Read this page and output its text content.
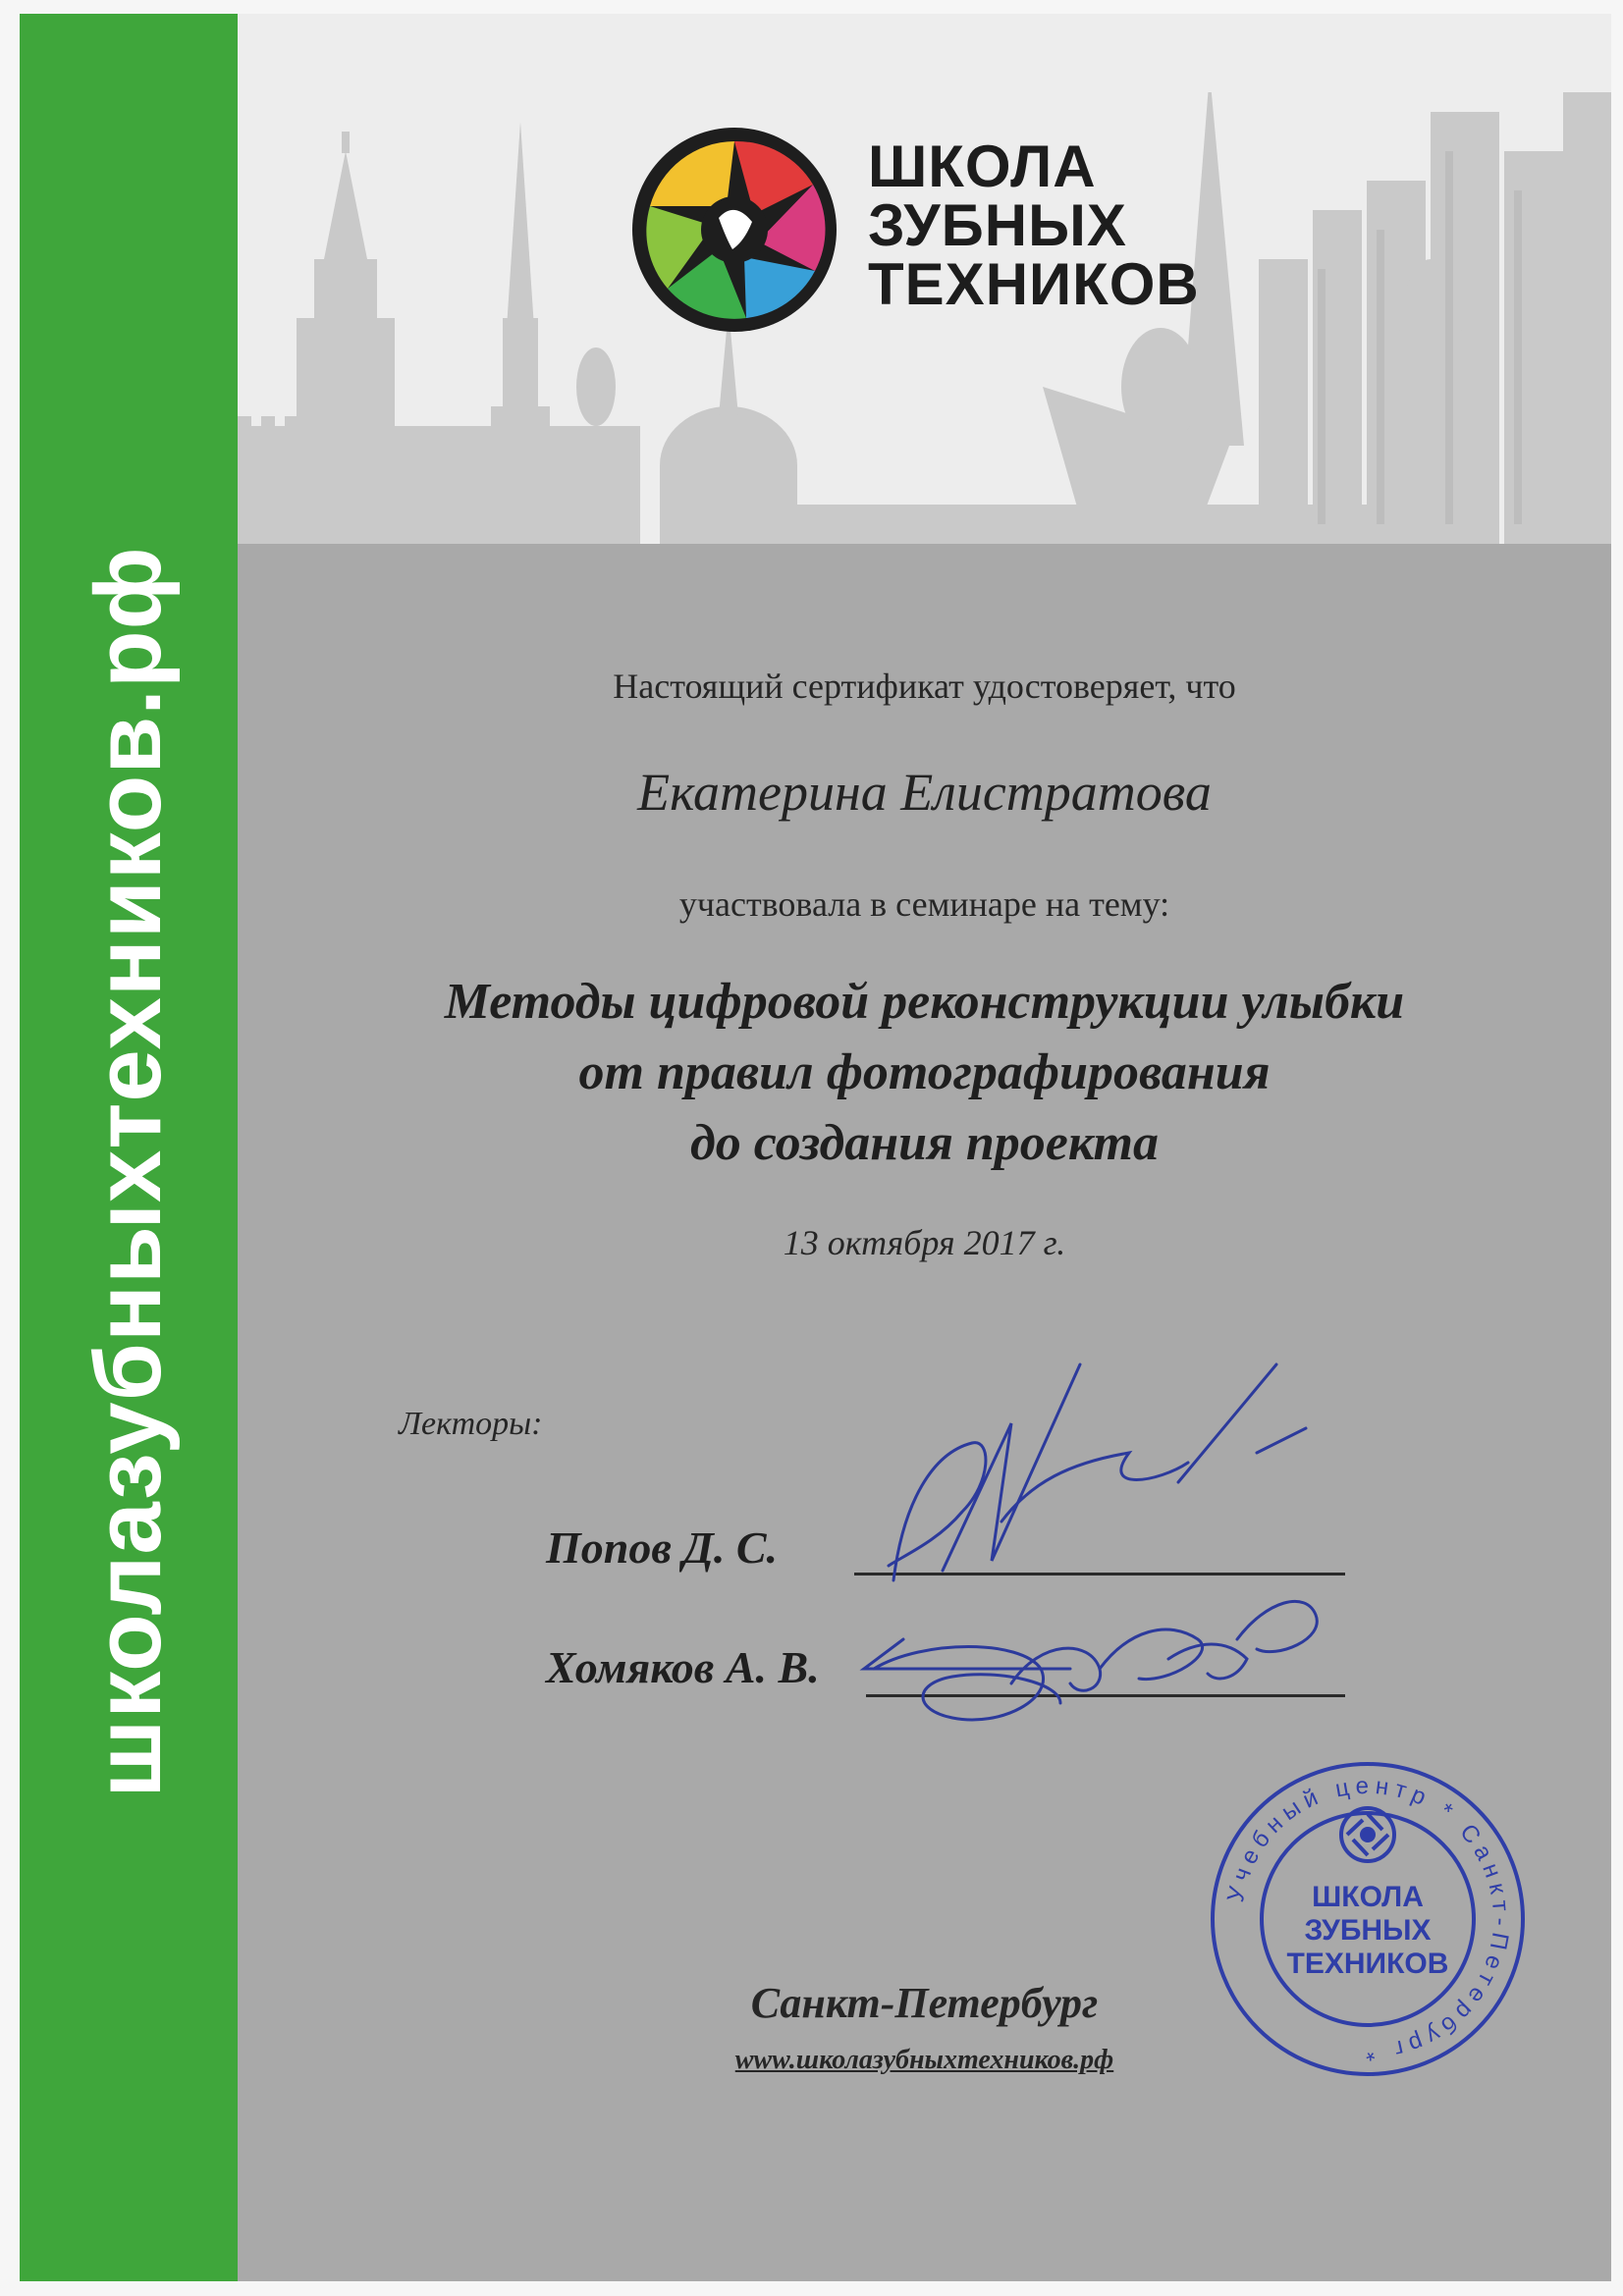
школазубныхтехников.рф
ШКОЛА
ЗУБНЫХ
ТЕХНИКОВ
Настоящий сертификат удостоверяет, что
Екатерина Елистратова
участвовала в семинаре на тему:
Методы цифровой реконструкции улыбки
от правил фотографирования
до создания проекта
13 октября 2017 г.
Лекторы:
Попов Д. С.
Хомяков А. В.
Учебный центр * Санкт-Петербург *
ШКОЛА
ЗУБНЫХ
ТЕХНИКОВ
Санкт-Петербург
www.школазубныхтехников.рф
